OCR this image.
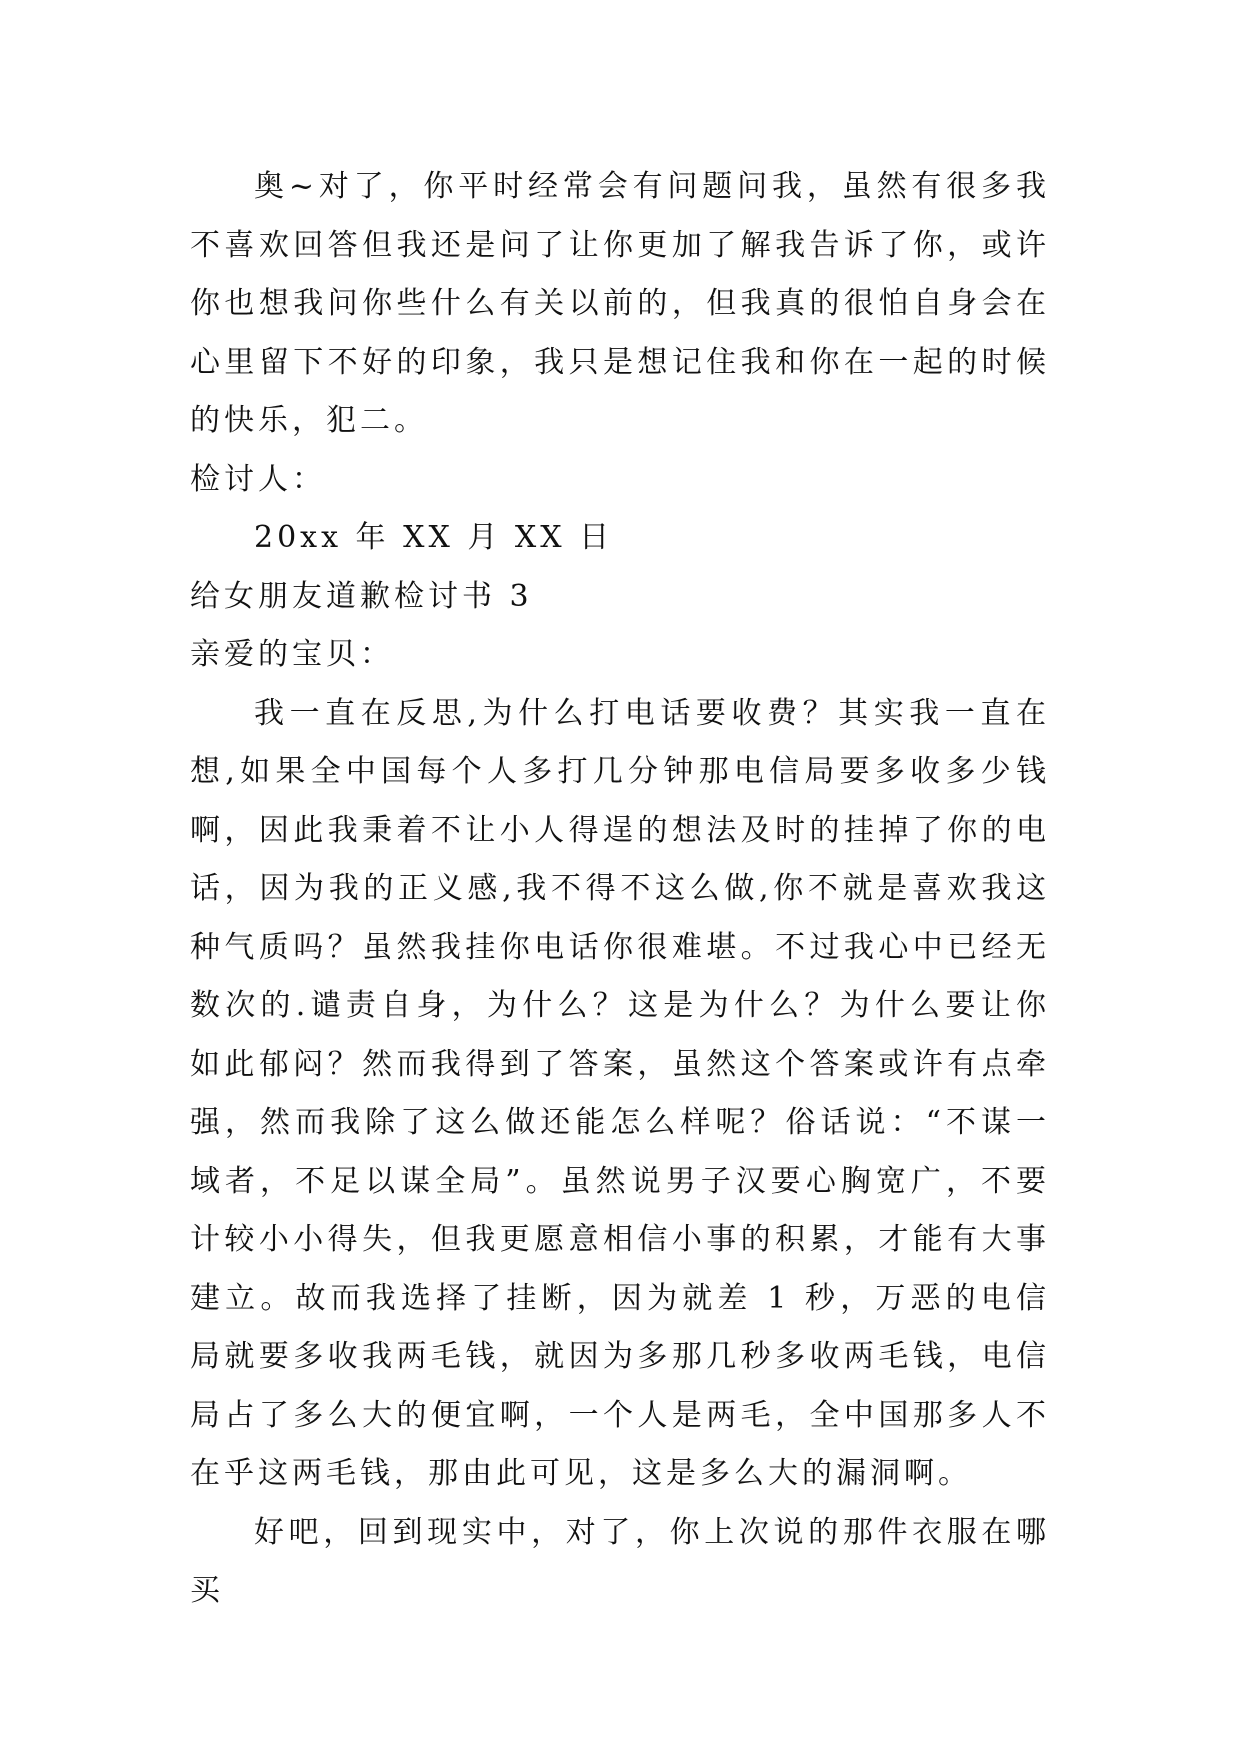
奥~对了，你平时经常会有问题问我，虽然有很多我不喜欢回答但我还是问了让你更加了解我告诉了你，或许你也想我问你些什么有关以前的，但我真的很怕自身会在心里留下不好的印象，我只是想记住我和你在一起的时候的快乐，犯二。

检讨人：

20xx 年 XX 月 XX 日

给女朋友道歉检讨书 3

亲爱的宝贝：

我一直在反思,为什么打电话要收费？其实我一直在想,如果全中国每个人多打几分钟那电信局要多收多少钱啊，因此我秉着不让小人得逞的想法及时的挂掉了你的电话，因为我的正义感,我不得不这么做,你不就是喜欢我这种气质吗？虽然我挂你电话你很难堪。不过我心中已经无数次的.谴责自身，为什么？这是为什么？为什么要让你如此郁闷？然而我得到了答案，虽然这个答案或许有点牵强，然而我除了这么做还能怎么样呢？俗话说：“不谋一域者，不足以谋全局”。虽然说男子汉要心胸宽广，不要计较小小得失，但我更愿意相信小事的积累，才能有大事建立。故而我选择了挂断，因为就差 1 秒，万恶的电信局就要多收我两毛钱，就因为多那几秒多收两毛钱，电信局占了多么大的便宜啊，一个人是两毛，全中国那多人不在乎这两毛钱，那由此可见，这是多么大的漏洞啊。

好吧，回到现实中，对了，你上次说的那件衣服在哪买
